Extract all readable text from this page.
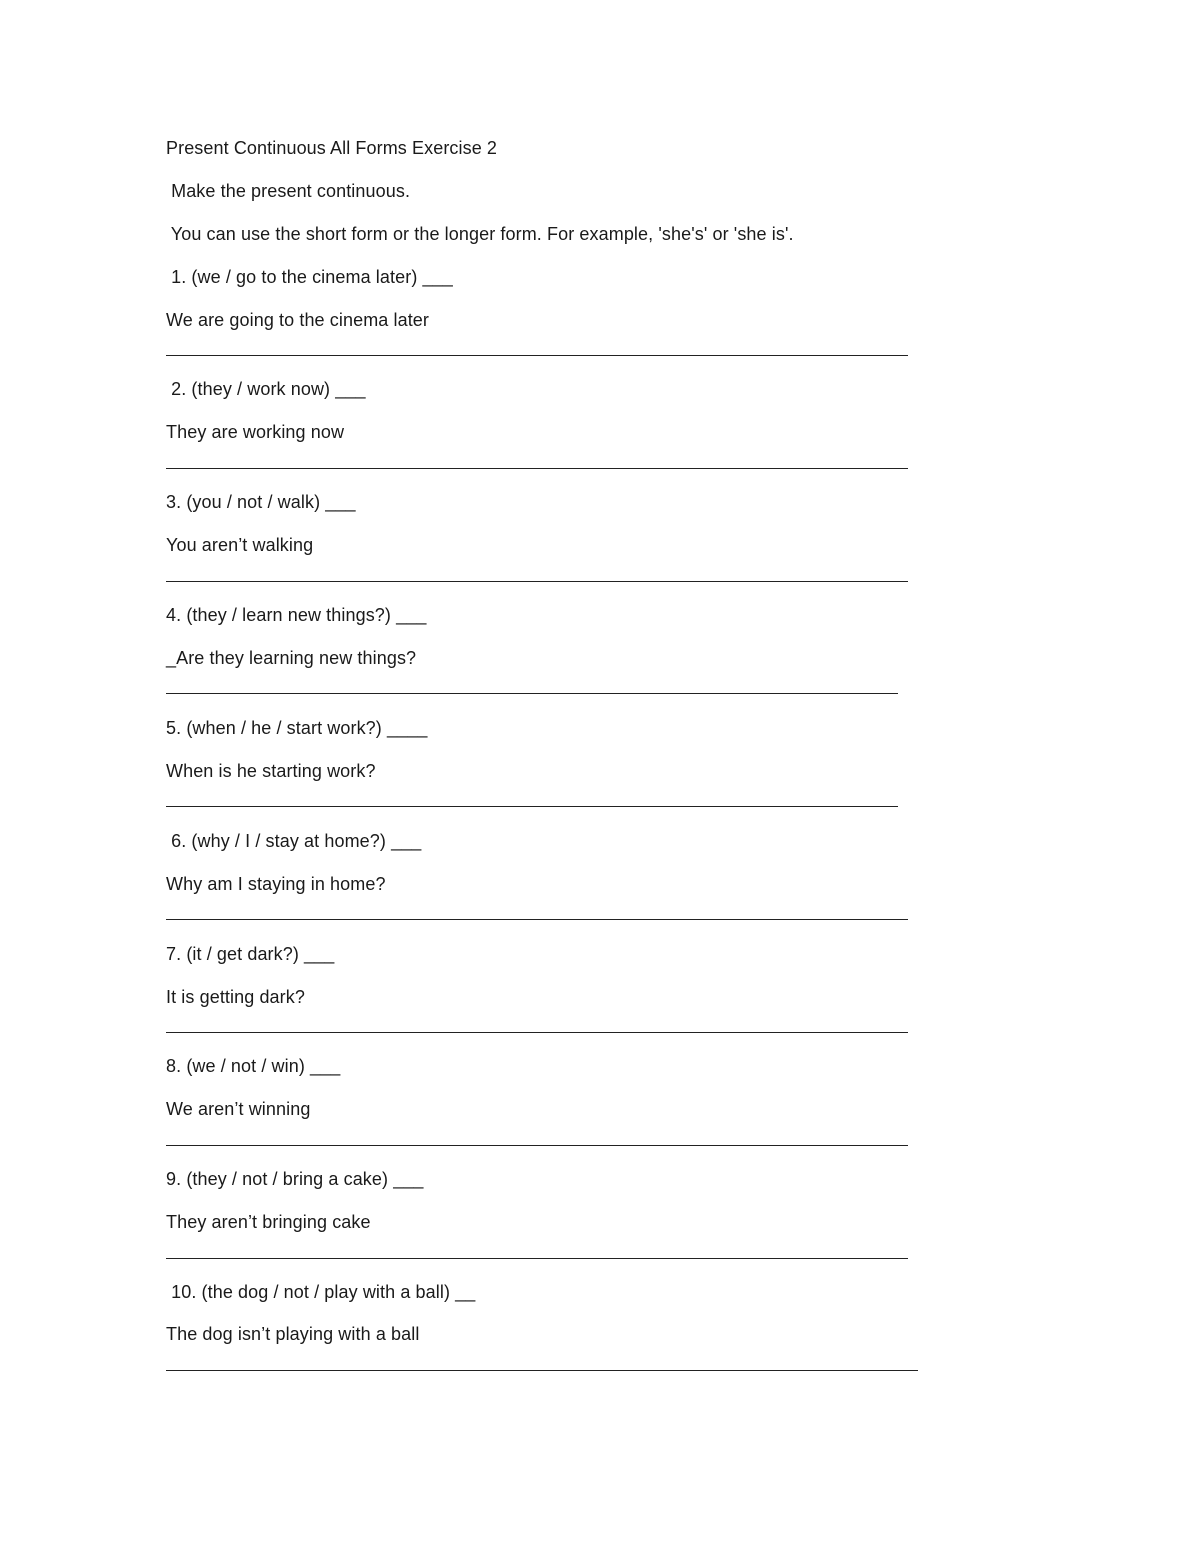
Present Continuous All Forms Exercise 2
Make the present continuous.
You can use the short form or the longer form. For example, 'she's' or 'she is'.
1. (we / go to the cinema later) ___
We are going to the cinema later
2. (they / work now) ___
They are working now
3. (you / not / walk) ___
You aren’t walking
4. (they / learn new things?) ___
_Are they learning new things?
5. (when / he / start work?) ____
When is he starting work?
6. (why / I / stay at home?) ___
Why am I staying in home?
7. (it / get dark?) ___
It is getting dark?
8. (we / not / win) ___
We aren’t winning
9. (they / not / bring a cake) ___
They aren’t bringing cake
10. (the dog / not / play with a ball) __
The dog isn’t playing with a ball
